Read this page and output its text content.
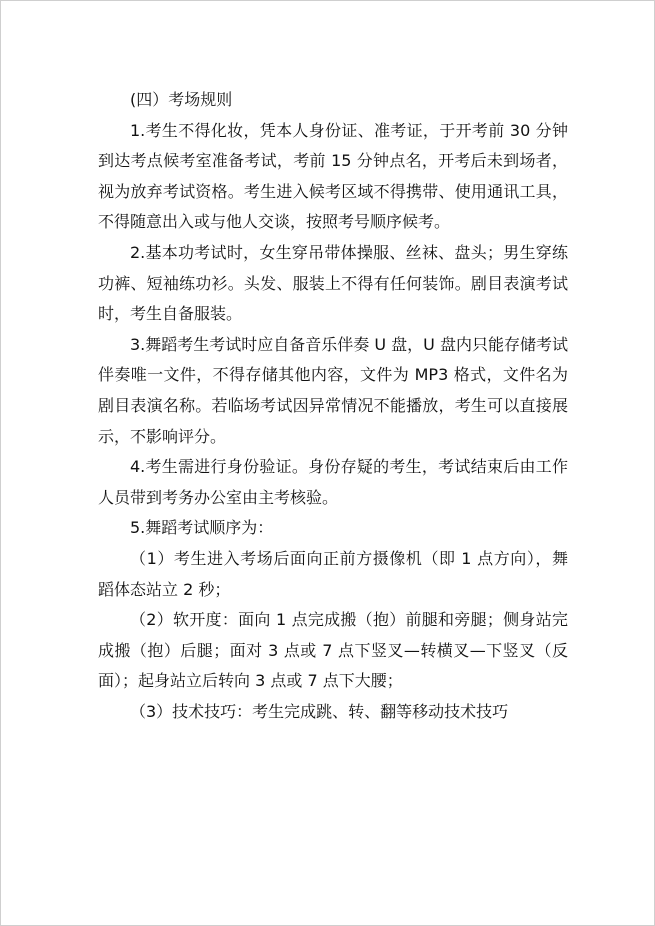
(四）考场规则

1.考生不得化妆，凭本人身份证、准考证，于开考前 30 分钟到达考点候考室准备考试，考前 15 分钟点名，开考后未到场者，视为放弃考试资格。考生进入候考区域不得携带、使用通讯工具，不得随意出入或与他人交谈，按照考号顺序候考。

2.基本功考试时，女生穿吊带体操服、丝袜、盘头；男生穿练功裤、短袖练功衫。头发、服装上不得有任何装饰。剧目表演考试时，考生自备服装。

3.舞蹈考生考试时应自备音乐伴奏 U 盘，U 盘内只能存储考试伴奏唯一文件，不得存储其他内容，文件为 MP3 格式，文件名为剧目表演名称。若临场考试因异常情况不能播放，考生可以直接展示，不影响评分。

4.考生需进行身份验证。身份存疑的考生，考试结束后由工作人员带到考务办公室由主考核验。

5.舞蹈考试顺序为：

（1）考生进入考场后面向正前方摄像机（即 1 点方向），舞蹈体态站立 2 秒；

（2）软开度：面向 1 点完成搬（抱）前腿和旁腿；侧身站完成搬（抱）后腿；面对 3 点或 7 点下竖叉—转横叉—下竖叉（反面）；起身站立后转向 3 点或 7 点下大腰；

（3）技术技巧：考生完成跳、转、翻等移动技术技巧
